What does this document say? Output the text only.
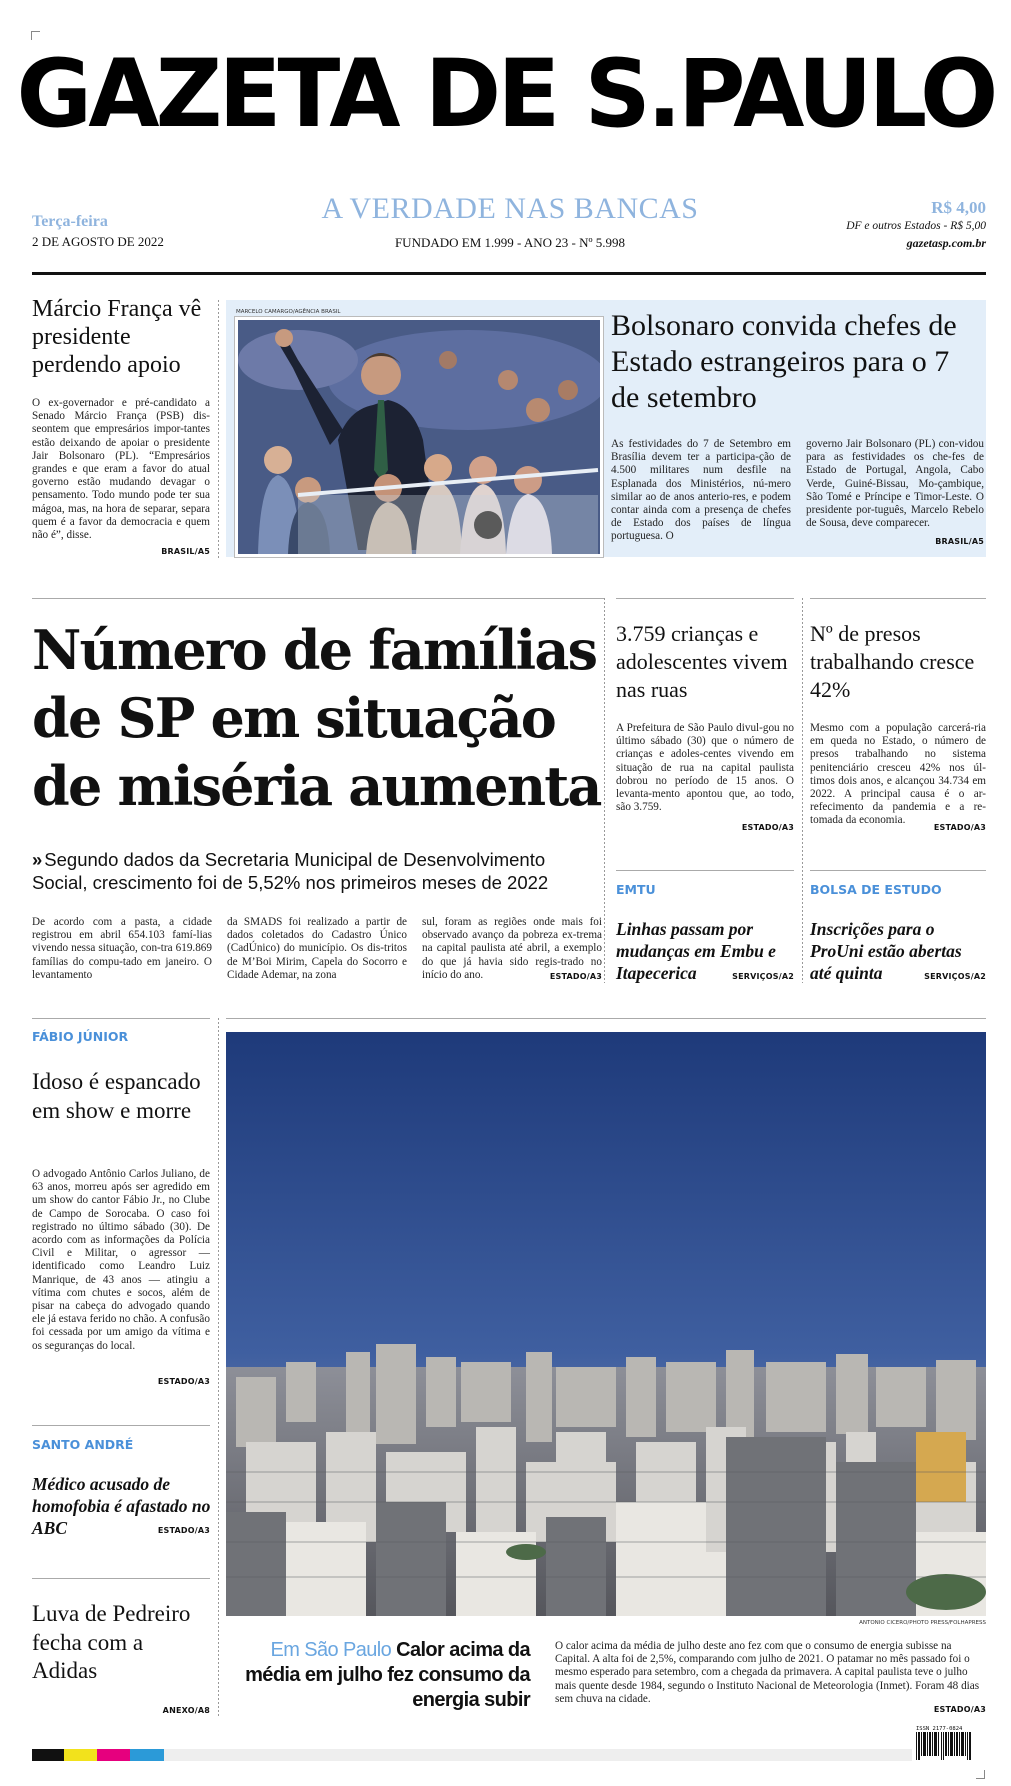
GAZETA DE S.PAULO
Terça-feira
2 DE AGOSTO DE 2022
A VERDADE NAS BANCAS
FUNDADO EM 1.999 - ANO 23 - Nº 5.998
R$ 4,00
DF e outros Estados - R$ 5,00
gazetasp.com.br
Márcio França vê presidente perdendo apoio
O ex-governador e pré-candidato a Senado Márcio França (PSB) dis-seontem que empresários impor-tantes estão deixando de apoiar o presidente Jair Bolsonaro (PL). “Empresários grandes e que eram a favor do atual governo estão mudando devagar o pensamento. Todo mundo pode ter sua mágoa, mas, na hora de separar, separa quem é a favor da democracia e quem não é”, disse.
BRASIL/A5
MARCELO CAMARGO/AGÊNCIA BRASIL	Bolsonaro convida chefes de Estado estrangeiros para o 7 de setembro
As festividades do 7 de Setembro em Brasília devem ter a participa-ção de 4.500 militares num desfile na Esplanada dos Ministérios, nú-mero similar ao de anos anterio-res, e podem contar ainda com a presença de chefes de Estado dos países de língua portuguesa. O
governo Jair Bolsonaro (PL) con-vidou para as festividades os che-fes de Estado de Portugal, Angola, Cabo Verde, Guiné-Bissau, Mo-çambique, São Tomé e Príncipe e Timor-Leste. O presidente por-tuguês, Marcelo Rebelo de Sousa, deve comparecer.
BRASIL/A5
Número de famílias de SP em situação de miséria aumenta
» Segundo dados da Secretaria Municipal de Desenvolvimento Social, crescimento foi de 5,52% nos primeiros meses de 2022
De acordo com a pasta, a cidade registrou em abril 654.103 famí-lias vivendo nessa situação, con-tra 619.869 famílias do compu-tado em janeiro. O levantamento
da SMADS foi realizado a partir de dados coletados do Cadastro Único (CadÚnico) do município. Os dis-tritos de M’Boi Mirim, Capela do Socorro e Cidade Ademar, na zona
sul, foram as regiões onde mais foi observado avanço da pobreza ex-trema na capital paulista até abril, a exemplo do que já havia sido regis-trado no início do ano.	ESTADO/A3
3.759 crianças e adolescentes vivem nas ruas
A Prefeitura de São Paulo divul-gou no último sábado (30) que o número de crianças e adoles-centes vivendo em situação de rua na capital paulista dobrou no período de 15 anos. O levanta-mento apontou que, ao todo, são 3.759.
ESTADO/A3
Nº de presos trabalhando cresce 42%
Mesmo com a população carcerá-ria em queda no Estado, o número de presos trabalhando no sistema penitenciário cresceu 42% nos úl-timos dois anos, e alcançou 34.734 em 2022. A principal causa é o ar-refecimento da pandemia e a re-tomada da economia.
ESTADO/A3
EMTU
Linhas passam por mudanças em Embu e Itapecerica	SERVIÇOS/A2
BOLSA DE ESTUDO
Inscrições para o ProUni estão abertas até quinta	SERVIÇOS/A2
FÁBIO JÚNIOR
Idoso é espancado em show e morre
O advogado Antônio Carlos Juliano, de 63 anos, morreu após ser agredido em um show do cantor Fábio Jr., no Clube de Campo de Sorocaba. O caso foi registrado no último sábado (30). De acordo com as informações da Polícia Civil e Militar, o agressor — identificado como Leandro Luiz Manrique, de 43 anos — atingiu a vítima com chutes e socos, além de pisar na cabeça do advogado quando ele já estava ferido no chão. A confusão foi cessada por um amigo da vítima e os seguranças do local.
ESTADO/A3
SANTO ANDRÉ
Médico acusado de homofobia é afastado no ABC	ESTADO/A3
Luva de Pedreiro fecha com a Adidas
ANEXO/A8
ANTONIO CICERO/PHOTO PRESS/FOLHAPRESS
Em São Paulo Calor acima da média em julho fez consumo da energia subir
O calor acima da média de julho deste ano fez com que o consumo de energia subisse na Capital. A alta foi de 2,5%, comparando com julho de 2021. O patamar no mês passado foi o mesmo esperado para setembro, com a chegada da primavera. A capital paulista teve o julho mais quente desde 1984, segundo o Instituto Nacional de Meteorologia (Inmet). Foram 48 dias sem chuva na cidade.
ESTADO/A3
ISSN 2177-0824
